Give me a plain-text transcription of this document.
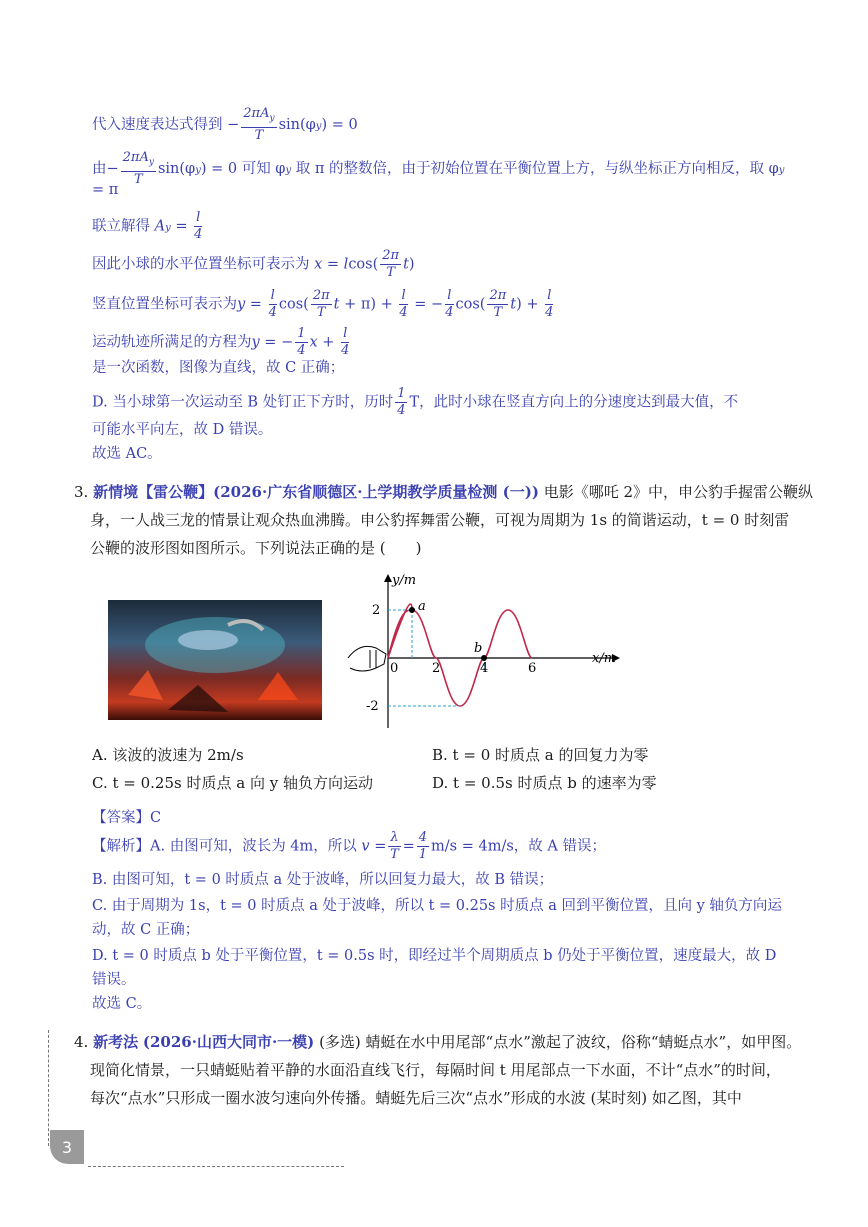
代入速度表达式得到 − $\frac{2\pi A_y}{T} \sin(\varphi y) = 0$
由− $\frac{2\pi A_y}{T} \sin(\varphi y) = 0$ 可知 φy 取 π 的整数倍，由于初始位置在平衡位置上方，与纵坐标正方向相反，取 φy
= π
联立解得 $Ay = \frac{l}{4}$
因此小球的水平位置坐标可表示为 $x = lcos( \frac{2\pi}{T} t)$
竖直位置坐标可表示为$y = \frac{l}{4} \cos( \frac{2\pi}{T}$ $t + \pi) + \frac{l}{4}$ = − $\frac{l}{4} \cos( \frac{2\pi}{T} t) + \frac{l}{4}$
运动轨迹所满足的方程为y = − $\frac{1}{4}$ $x + \frac{l}{4}$
是一次函数，图像为直线，故 C 正确；
D. 当小球第一次运动至 B 处钉正下方时，历时 $\frac{1}{4}$ T，此时小球在竖直方向上的分速度达到最大值，不
可能水平向左，故 D 错误。
故选 AC。
3. 新情境【雷公鞭】(2026·广东省顺德区·上学期教学质量检测 (一)) 电影《哪吒 2》中，申公豹手握雷公鞭纵
身，一人战三龙的情景让观众热血沸腾。申公豹挥舞雷公鞭，可视为周期为 1s 的简谐运动，t = 0 时刻雷
公鞭的波形图如图所示。下列说法正确的是 (　　)
y/m
x/m
2
-2
0	2	4	6
a
b
A. 该波的波速为 2m/s	B. t = 0 时质点 a 的回复力为零
C. t = 0.25s 时质点 a 向 y 轴负方向运动	D. t = 0.5s 时质点 b 的速率为零
【答案】C
【解析】A. 由图可知，波长为 4m，所以 $v = \frac{\lambda}{T} = \frac{4}{1} m/s = 4m/s$，故 A 错误；
B. 由图可知，t = 0 时质点 a 处于波峰，所以回复力最大，故 B 错误；
C. 由于周期为 1s，t = 0 时质点 a 处于波峰，所以 t = 0.25s 时质点 a 回到平衡位置，且向 y 轴负方向运
动，故 C 正确；
D. t = 0 时质点 b 处于平衡位置，t = 0.5s 时，即经过半个周期质点 b 仍处于平衡位置，速度最大，故 D
错误。
故选 C。
4. 新考法 (2026·山西大同市·一模) (多选) 蜻蜓在水中用尾部“点水”激起了波纹，俗称“蜻蜓点水”，如甲图。
现简化情景，一只蜻蜓贴着平静的水面沿直线飞行，每隔时间 t 用尾部点一下水面，不计“点水”的时间，
每次“点水”只形成一圈水波匀速向外传播。蜻蜓先后三次“点水”形成的水波 (某时刻) 如乙图，其中
3
